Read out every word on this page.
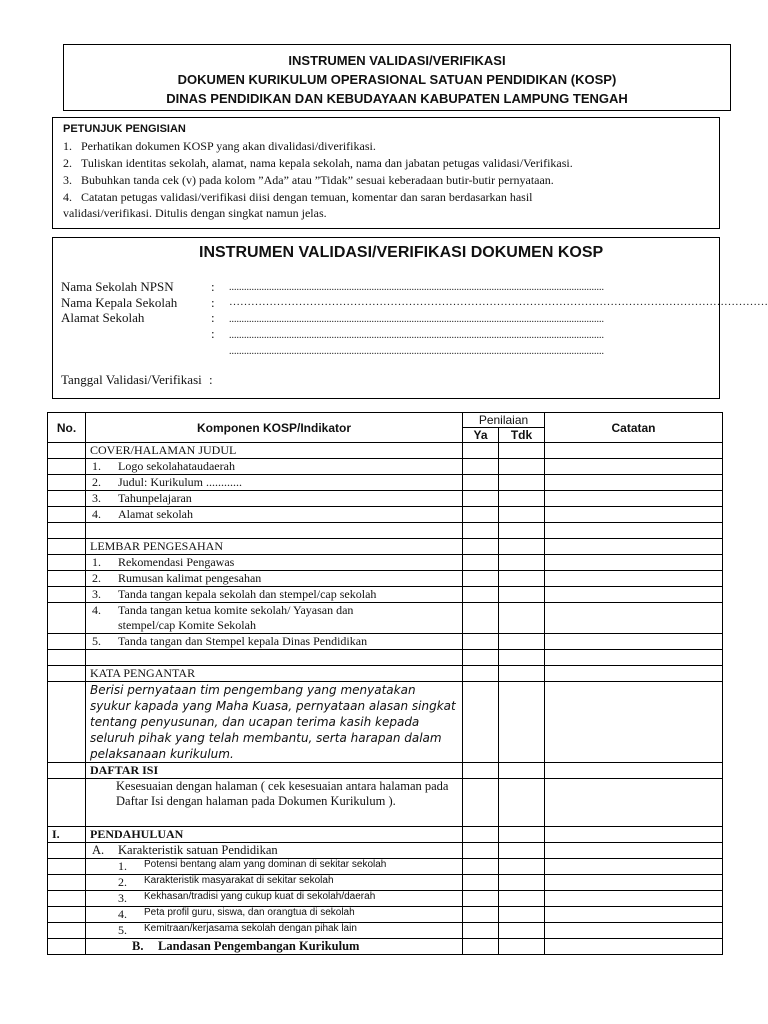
INSTRUMEN VALIDASI/VERIFIKASI
DOKUMEN KURIKULUM OPERASIONAL SATUAN PENDIDIKAN (KOSP)
DINAS PENDIDIKAN DAN KEBUDAYAAN KABUPATEN LAMPUNG TENGAH
PETUNJUK PENGISIAN
1. Perhatikan dokumen KOSP yang akan divalidasi/diverifikasi.
2. Tuliskan identitas sekolah, alamat, nama kepala sekolah, nama dan jabatan petugas validasi/Verifikasi.
3. Bubuhkan tanda cek (v) pada kolom ”Ada” atau ”Tidak” sesuai keberadaan butir-butir pernyataan.
4. Catatan petugas validasi/verifikasi diisi dengan temuan, komentar dan saran berdasarkan hasil
validasi/verifikasi. Ditulis dengan singkat namun jelas.
INSTRUMEN VALIDASI/VERIFIKASI DOKUMEN KOSP
Nama Sekolah NPSN	: ......................................................................................................................................................
Nama Kepala Sekolah	: …………………………………………………………………………………………………………………………………
Alamat Sekolah	: ......................................................................................................................................................
: ......................................................................................................................................................
......................................................................................................................................................
Tanggal Validasi/Verifikasi :
No.	Komponen KOSP/Indikator	Penilaian		Catatan
		Ya	Tdk	
	COVER/HALAMAN JUDUL			

	1. Logo sekolahataudaerah			

	2. Judul: Kurikulum ............			

	3. Tahunpelajaran			

	4. Alamat sekolah			

	LEMBAR PENGESAHAN			

	1. Rekomendasi Pengawas			

	2. Rumusan kalimat pengesahan			

	3. Tanda tangan kepala sekolah dan stempel/cap sekolah			

	4. Tanda tangan ketua komite sekolah/ Yayasan dan
stempel/cap Komite Sekolah			

	5. Tanda tangan dan Stempel kepala Dinas Pendidikan			

	KATA PENGANTAR			
	Berisi pernyataan tim pengembang yang menyatakan syukur kapada yang Maha Kuasa, pernyataan alasan singkat tentang penyusunan, dan ucapan terima kasih kepada seluruh pihak yang telah membantu, serta harapan dalam pelaksanaan kurikulum.			
	DAFTAR ISI			
	Kesesuaian dengan halaman ( cek kesesuaian antara halaman pada Daftar Isi dengan halaman pada Dokumen Kurikulum ).			
I.	PENDAHULUAN			

	A. Karakteristik satuan Pendidikan			

	1. Potensi bentang alam yang dominan di sekitar sekolah			

	2. Karakteristik masyarakat di sekitar sekolah			

	3. Kekhasan/tradisi yang cukup kuat di sekolah/daerah			

	4. Peta profil guru, siswa, dan orangtua di sekolah			

	5. Kemitraan/kerjasama sekolah dengan pihak lain			

	B. Landasan Pengembangan Kurikulum			
